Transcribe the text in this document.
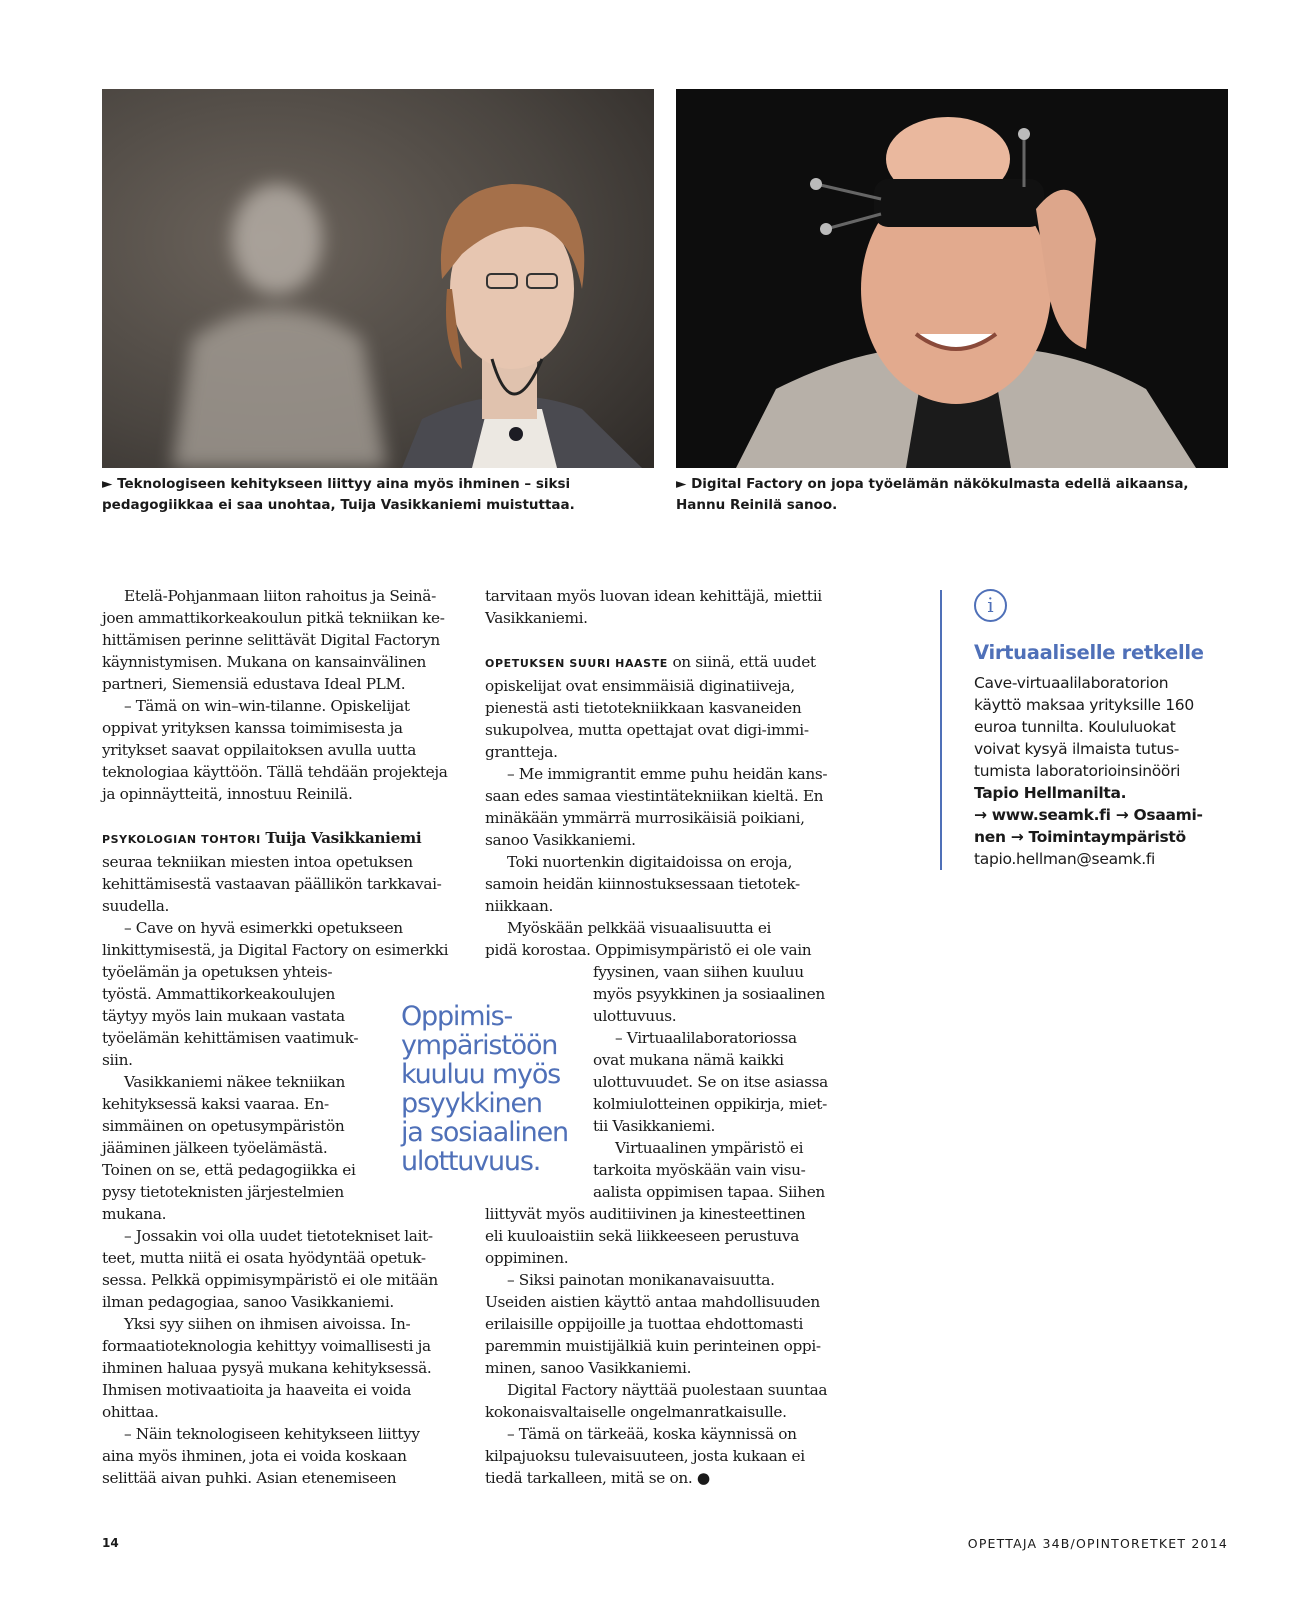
► Teknologiseen kehitykseen liittyy aina myös ihminen – siksi pedagogiikkaa ei saa unohtaa, Tuija Vasikkaniemi muistuttaa.
► Digital Factory on jopa työelämän näkökulmasta edellä aikaansa, Hannu Reinilä sanoo.

Etelä-Pohjanmaan liiton rahoitus ja Seinä-
joen ammattikorkeakoulun pitkä tekniikan ke-
hittämisen perinne selittävät Digital Factoryn
käynnistymisen. Mukana on kansainvälinen
partneri, Siemensiä edustava Ideal PLM.
– Tämä on win–win-tilanne. Opiskelijat
oppivat yrityksen kanssa toimimisesta ja
yritykset saavat oppilaitoksen avulla uutta
teknologiaa käyttöön. Tällä tehdään projekteja
ja opinnäytteitä, innostuu Reinilä.

PSYKOLOGIAN TOHTORI Tuija Vasikkaniemi
seuraa tekniikan miesten intoa opetuksen
kehittämisestä vastaavan päällikön tarkkavai-
suudella.
– Cave on hyvä esimerkki opetukseen
linkittymisestä, ja Digital Factory on esimerkki
työelämän ja opetuksen yhteis-
työstä. Ammattikorkeakoulujen
täytyy myös lain mukaan vastata
työelämän kehittämisen vaatimuk-
siin.
Vasikkaniemi näkee tekniikan
kehityksessä kaksi vaaraa. En-
simmäinen on opetusympäristön
jääminen jälkeen työelämästä.
Toinen on se, että pedagogiikka ei
pysy tietoteknisten järjestelmien
mukana.
– Jossakin voi olla uudet tietotekniset lait-
teet, mutta niitä ei osata hyödyntää opetuk-
sessa. Pelkkä oppimisympäristö ei ole mitään
ilman pedagogiaa, sanoo Vasikkaniemi.
Yksi syy siihen on ihmisen aivoissa. In-
formaatioteknologia kehittyy voimallisesti ja
ihminen haluaa pysyä mukana kehityksessä.
Ihmisen motivaatioita ja haaveita ei voida
ohittaa.
– Näin teknologiseen kehitykseen liittyy
aina myös ihminen, jota ei voida koskaan
selittää aivan puhki. Asian etenemiseen

tarvitaan myös luovan idean kehittäjä, miettii
Vasikkaniemi.

OPETUKSEN SUURI HAASTE on siinä, että uudet
opiskelijat ovat ensimmäisiä diginatiiveja,
pienestä asti tietotekniikkaan kasvaneiden
sukupolvea, mutta opettajat ovat digi-immi-
grantteja.
– Me immigrantit emme puhu heidän kans-
saan edes samaa viestintätekniikan kieltä. En
minäkään ymmärrä murrosikäisiä poikiani,
sanoo Vasikkaniemi.
Toki nuortenkin digitaidoissa on eroja,
samoin heidän kiinnostuksessaan tietotek-
niikkaan.
Myöskään pelkkää visuaalisuutta ei
pidä korostaa. Oppimisympäristö ei ole vain
fyysinen, vaan siihen kuuluu
myös psyykkinen ja sosiaalinen
ulottuvuus.
– Virtuaalilaboratoriossa
ovat mukana nämä kaikki
ulottuvuudet. Se on itse asiassa
kolmiulotteinen oppikirja, miet-
tii Vasikkaniemi.
Virtuaalinen ympäristö ei
tarkoita myöskään vain visu-
aalista oppimisen tapaa. Siihen
liittyvät myös auditiivinen ja kinesteettinen
eli kuuloaistiin sekä liikkeeseen perustuva
oppiminen.
– Siksi painotan monikanavaisuutta.
Useiden aistien käyttö antaa mahdollisuuden
erilaisille oppijoille ja tuottaa ehdottomasti
paremmin muistijälkiä kuin perinteinen oppi-
minen, sanoo Vasikkaniemi.
Digital Factory näyttää puolestaan suuntaa
kokonaisvaltaiselle ongelmanratkaisulle.
– Tämä on tärkeää, koska käynnissä on
kilpajuoksu tulevaisuuteen, josta kukaan ei
tiedä tarkalleen, mitä se on. ●

Oppimis-
ympäristöön
kuuluu myös
psyykkinen
ja sosiaalinen
ulottuvuus.
i
Virtuaaliselle retkelle
Cave-virtuaalilaboratorion
käyttö maksaa yrityksille 160
euroa tunnilta. Koululuokat
voivat kysyä ilmaista tutus-
tumista laboratorioinsinööri
Tapio Hellmanilta.
→ www.seamk.fi → Osaami-
nen → Toimintaympäristö
tapio.hellman@seamk.fi
14	OPETTAJA 34B/OPINTORETKET 2014
